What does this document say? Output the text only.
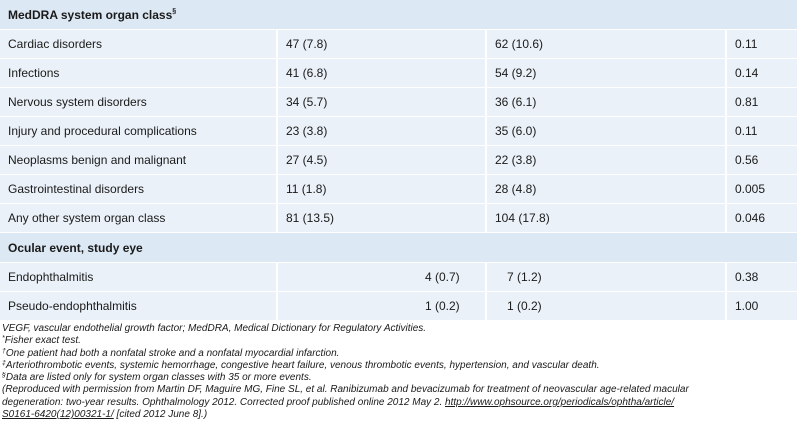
MedDRA system organ class§
Cardiac disorders	47 (7.8)	62 (10.6)	0.11
Infections	41 (6.8)	54 (9.2)	0.14
Nervous system disorders	34 (5.7)	36 (6.1)	0.81
Injury and procedural complications	23 (3.8)	35 (6.0)	0.11
Neoplasms benign and malignant	27 (4.5)	22 (3.8)	0.56
Gastrointestinal disorders	11 (1.8)	28 (4.8)	0.005
Any other system organ class	81 (13.5)	104 (17.8)	0.046
Ocular event, study eye			
Endophthalmitis	4 (0.7)	7 (1.2)	0.38
Pseudo-endophthalmitis	1 (0.2)	1 (0.2)	1.00
VEGF, vascular endothelial growth factor; MedDRA, Medical Dictionary for Regulatory Activities.
*Fisher exact test.
†One patient had both a nonfatal stroke and a nonfatal myocardial infarction.
‡Arteriothrombotic events, systemic hemorrhage, congestive heart failure, venous thrombotic events, hypertension, and vascular death.
§Data are listed only for system organ classes with 35 or more events.
(Reproduced with permission from Martin DF, Maguire MG, Fine SL, et al. Ranibizumab and bevacizumab for treatment of neovascular age-related macular
degeneration: two-year results. Ophthalmology 2012. Corrected proof published online 2012 May 2. http://www.ophsource.org/periodicals/ophtha/article/
S0161-6420(12)00321-1/ [cited 2012 June 8].)
